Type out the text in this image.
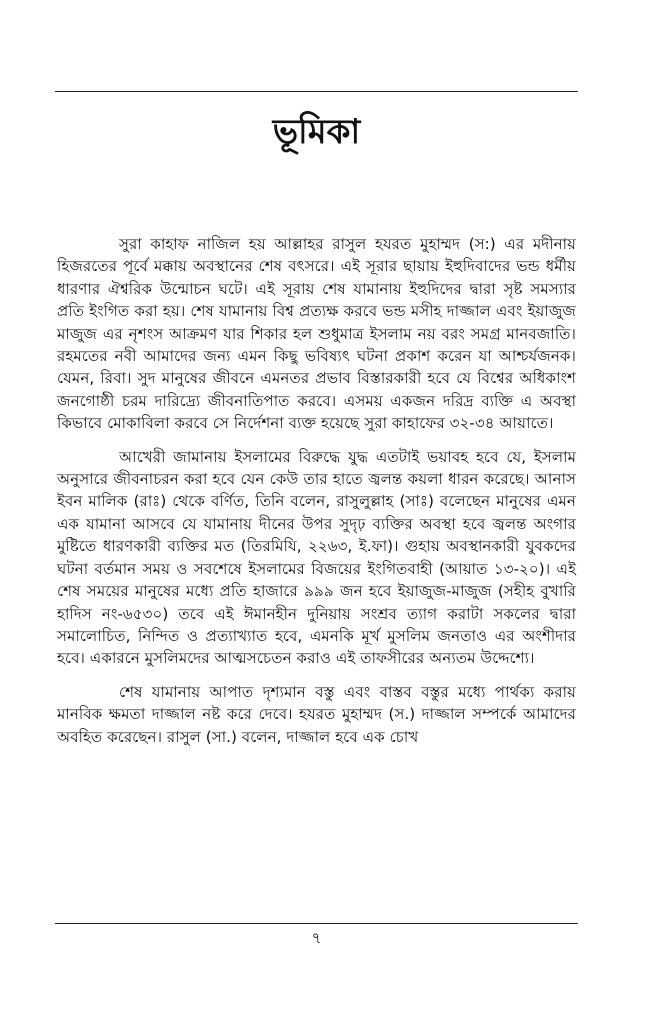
ভূমিকা

সুরা কাহাফ নাজিল হয় আল্লাহর রাসুল হযরত মুহাম্মদ (স:) এর মদীনায় হিজরতের পূর্বে মক্কায় অবস্থানের শেষ বৎসরে। এই সূরার ছায়ায় ইহুদিবাদের ভন্ড ধর্মীয় ধারণার ঐশ্বরিক উন্মোচন ঘটে। এই সূরায় শেষ যামানায় ইহুদিদের দ্বারা সৃষ্ট সমস্যার প্রতি ইংগিত করা হয়। শেষ যামানায় বিশ্ব প্রত্যক্ষ করবে ভন্ড মসীহ দাজ্জাল এবং ইয়াজুজ মাজুজ এর নৃশংস আক্রমণ যার শিকার হল শুধুমাত্র ইসলাম নয় বরং সমগ্র মানবজাতি। রহমতের নবী আমাদের জন্য এমন কিছু ভবিষ্যৎ ঘটনা প্রকাশ করেন যা আশ্চর্যজনক। যেমন, রিবা। সুদ মানুষের জীবনে এমনতর প্রভাব বিস্তারকারী হবে যে বিশ্বের অধিকাংশ জনগোষ্ঠী চরম দারিদ্র্যে জীবনাতিপাত করবে। এসময় একজন দরিদ্র ব্যক্তি এ অবস্থা কিভাবে মোকাবিলা করবে সে নির্দেশনা ব্যক্ত হয়েছে সুরা কাহাফের ৩২-৩৪ আয়াতে।

আখেরী জামানায় ইসলামের বিরুদ্ধে যুদ্ধ এতটাই ভয়াবহ হবে যে, ইসলাম অনুসারে জীবনাচরন করা হবে যেন কেউ তার হাতে জ্বলন্ত কয়লা ধারন করেছে। আনাস ইবন মালিক (রাঃ) থেকে বর্ণিত, তিনি বলেন, রাসুলুল্লাহ (সাঃ) বলেছেন মানুষের এমন এক যামানা আসবে যে যামানায় দীনের উপর সুদৃঢ় ব্যক্তির অবস্থা হবে জ্বলন্ত অংগার মুষ্টিতে ধারণকারী ব্যক্তির মত (তিরমিযি, ২২৬৩, ই.ফা)। গুহায় অবস্থানকারী যুবকদের ঘটনা বর্তমান সময় ও সবশেষে ইসলামের বিজয়ের ইংগিতবাহী (আয়াত ১৩-২০)। এই শেষ সময়ের মানুষের মধ্যে প্রতি হাজারে ৯৯৯ জন হবে ইয়াজুজ-মাজুজ (সহীহ বুখারি হাদিস নং-৬৫৩০) তবে এই ঈমানহীন দুনিয়ায় সংশ্রব ত্যাগ করাটা সকলের দ্বারা সমালোচিত, নিন্দিত ও প্রত্যাখ্যাত হবে, এমনকি মূর্খ মুসলিম জনতাও এর অংশীদার হবে। একারনে মুসলিমদের আত্মসচেতন করাও এই তাফসীরের অন্যতম উদ্দেশ্যে।

শেষ যামানায় আপাত দৃশ্যমান বস্তু এবং বাস্তব বস্তুর মধ্যে পার্থক্য করায় মানবিক ক্ষমতা দাজ্জাল নষ্ট করে দেবে। হযরত মুহাম্মদ (স.) দাজ্জাল সম্পর্কে আমাদের অবহিত করেছেন। রাসুল (সা.) বলেন, দাজ্জাল হবে এক চোখ

৭
